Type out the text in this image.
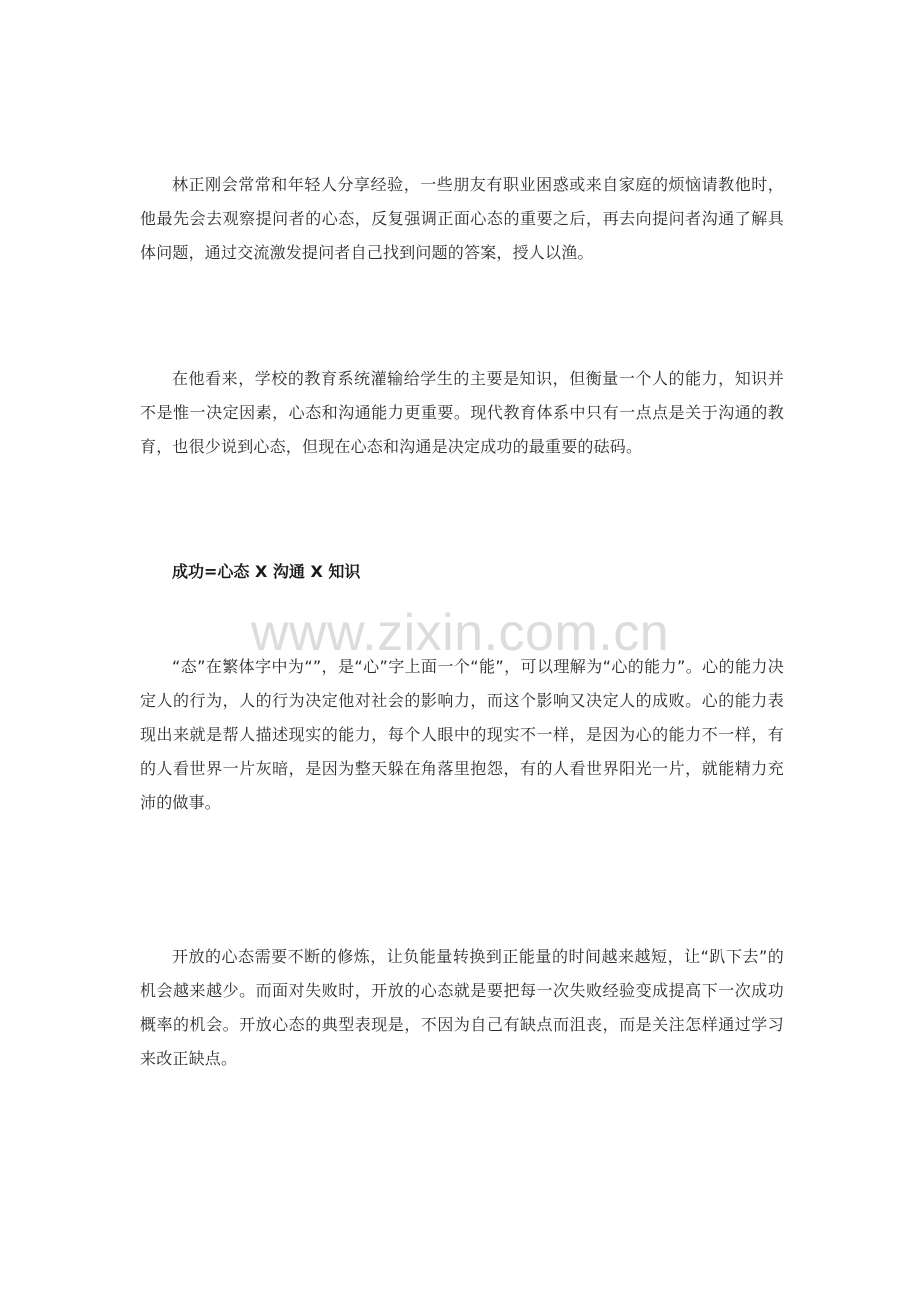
林正刚会常常和年轻人分享经验，一些朋友有职业困惑或来自家庭的烦恼请教他时，他最先会去观察提问者的心态，反复强调正面心态的重要之后，再去向提问者沟通了解具体问题，通过交流激发提问者自己找到问题的答案，授人以渔。

在他看来，学校的教育系统灌输给学生的主要是知识，但衡量一个人的能力，知识并不是惟一决定因素，心态和沟通能力更重要。现代教育体系中只有一点点是关于沟通的教育，也很少说到心态，但现在心态和沟通是决定成功的最重要的砝码。

成功=心态 X 沟通 X 知识

www.zixin.com.cn

“态”在繁体字中为“”，是“心”字上面一个“能”，可以理解为“心的能力”。心的能力决定人的行为，人的行为决定他对社会的影响力，而这个影响又决定人的成败。心的能力表现出来就是帮人描述现实的能力，每个人眼中的现实不一样，是因为心的能力不一样，有的人看世界一片灰暗，是因为整天躲在角落里抱怨，有的人看世界阳光一片，就能精力充沛的做事。

开放的心态需要不断的修炼，让负能量转换到正能量的时间越来越短，让“趴下去”的机会越来越少。而面对失败时，开放的心态就是要把每一次失败经验变成提高下一次成功概率的机会。开放心态的典型表现是，不因为自己有缺点而沮丧，而是关注怎样通过学习来改正缺点。
